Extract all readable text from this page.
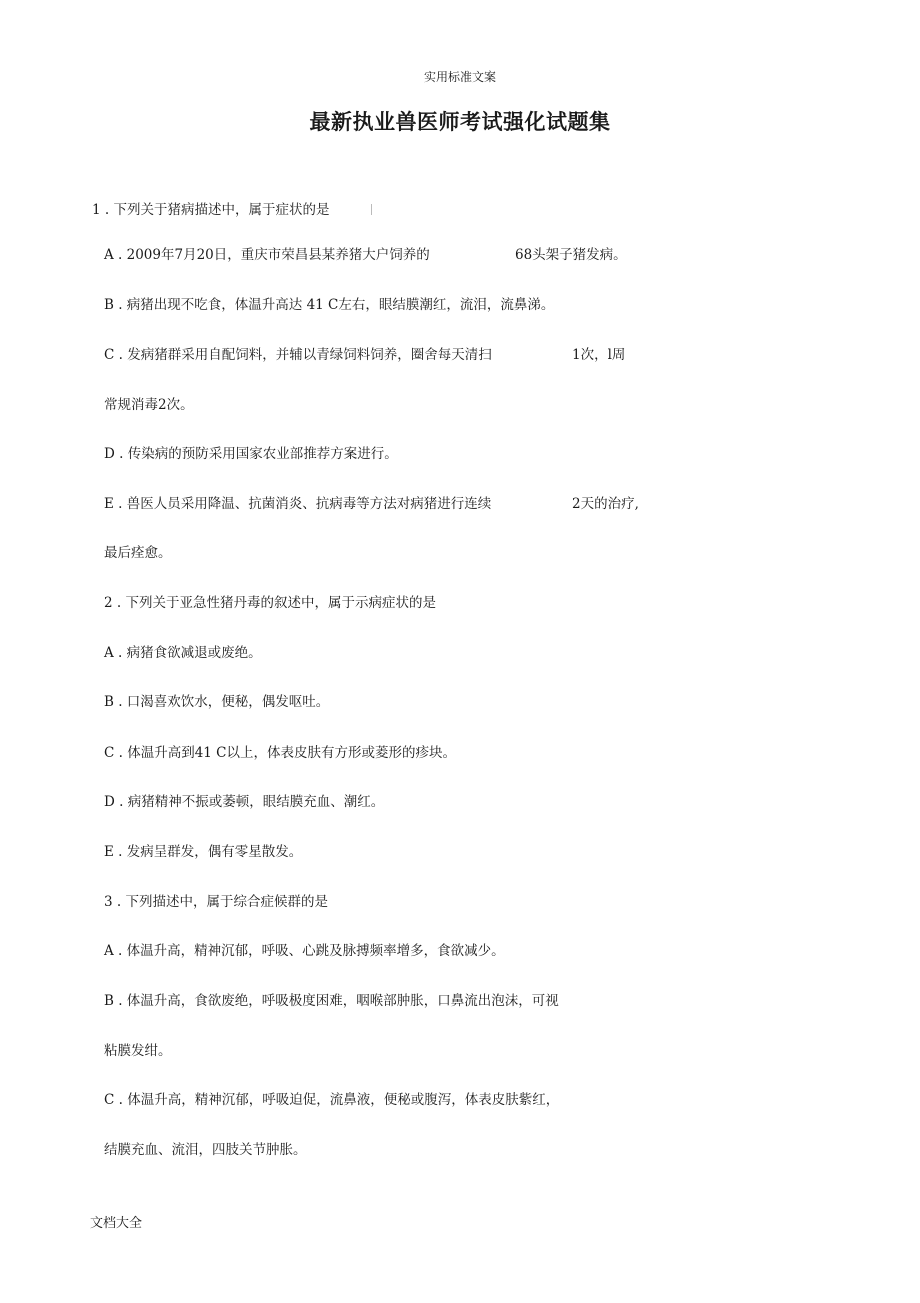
实用标准文案
最新执业兽医师考试强化试题集
1 . 下列关于猪病描述中，属于症状的是
A . 2009年7月20日，重庆市荣昌县某养猪大户饲养的	68头架子猪发病。
B . 病猪出现不吃食，体温升高达 41 C左右，眼结膜潮红，流泪，流鼻涕。
C . 发病猪群采用自配饲料，并辅以青绿饲料饲养，圈舍每天清扫	1次，l周
常规消毒2次。
D . 传染病的预防采用国家农业部推荐方案进行。
E . 兽医人员采用降温、抗菌消炎、抗病毒等方法对病猪进行连续	2天的治疗,
最后痊愈。
2 . 下列关于亚急性猪丹毒的叙述中，属于示病症状的是
A . 病猪食欲减退或废绝。
B . 口渴喜欢饮水，便秘，偶发呕吐。
C . 体温升高到41 C以上，体表皮肤有方形或菱形的疹块。
D . 病猪精神不振或萎顿，眼结膜充血、潮红。
E . 发病呈群发，偶有零星散发。
3 . 下列描述中，属于综合症候群的是
A . 体温升高，精神沉郁，呼吸、心跳及脉搏频率增多，食欲减少。
B . 体温升高，食欲废绝，呼吸极度困难，咽喉部肿胀，口鼻流出泡沫，可视
粘膜发绀。
C . 体温升高，精神沉郁，呼吸迫促，流鼻液，便秘或腹泻，体表皮肤紫红，
结膜充血、流泪，四肢关节肿胀。
文档大全
